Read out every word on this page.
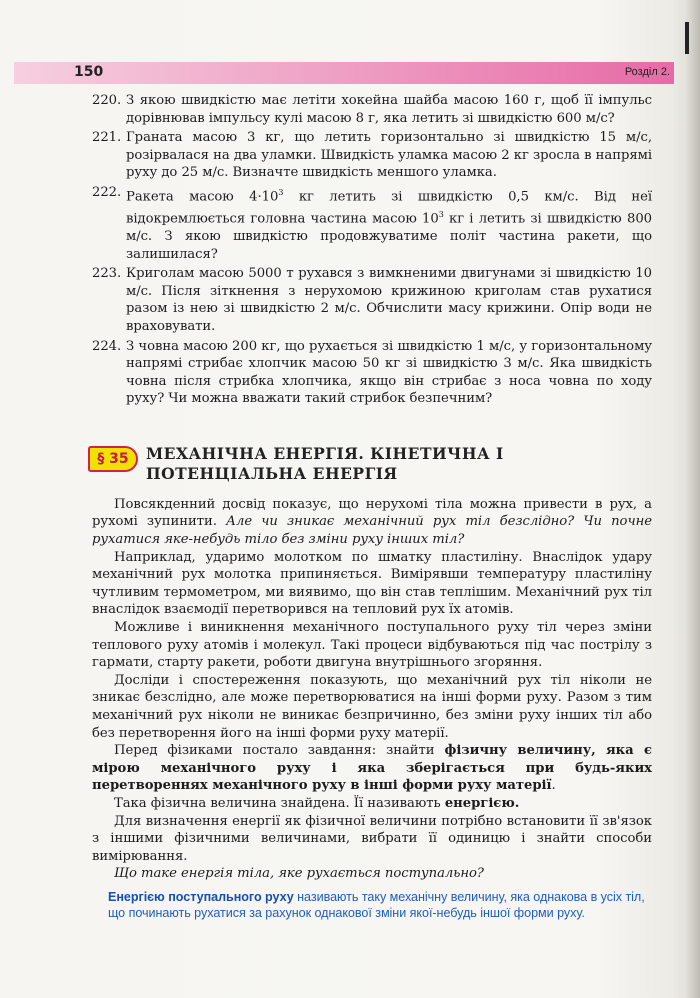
150	Розділ 2.
220. З якою швидкістю має летіти хокейна шайба масою 160 г, щоб її імпульс дорівнював імпульсу кулі масою 8 г, яка летить зі швидкістю 600 м/с?
221. Граната масою 3 кг, що летить горизонтально зі швидкістю 15 м/с, розірвалася на два уламки. Швидкість уламка масою 2 кг зросла в напрямі руху до 25 м/с. Визначте швидкість меншого уламка.
222. Ракета масою $4\cdot 10^3$ кг летить зі швидкістю 0,5 км/с. Від неї відокремлюється головна частина масою $10^3$ кг і летить зі швидкістю 800 м/с. З якою швидкістю продовжуватиме політ частина ракети, що залишилася?
223. Криголам масою 5000 т рухався з вимкненими двигунами зі швидкістю 10 м/с. Після зіткнення з нерухомою крижиною криголам став рухатися разом із нею зі швидкістю 2 м/с. Обчислити масу крижини. Опір води не враховувати.
224. З човна масою 200 кг, що рухається зі швидкістю 1 м/с, у горизонтальному напрямі стрибає хлопчик масою 50 кг зі швидкістю 3 м/с. Яка швидкість човна після стрибка хлопчика, якщо він стрибає з носа човна по ходу руху? Чи можна вважати такий стрибок безпечним?
§ 35	МЕХАНІЧНА ЕНЕРГІЯ. КІНЕТИЧНА І
ПОТЕНЦІАЛЬНА ЕНЕРГІЯ

Повсякденний досвід показує, що нерухомі тіла можна привести в рух, а рухомі зупинити. Але чи зникає механічний рух тіл безслідно? Чи почне рухатися яке-небудь тіло без зміни руху інших тіл?

Наприклад, ударимо молотком по шматку пластиліну. Внаслідок удару механічний рух молотка припиняється. Вимірявши температуру пластиліну чутливим термометром, ми виявимо, що він став теплішим. Механічний рух тіл внаслідок взаємодії перетворився на тепловий рух їх атомів.

Можливе і виникнення механічного поступального руху тіл через зміни теплового руху атомів і молекул. Такі процеси відбуваються під час пострілу з гармати, старту ракети, роботи двигуна внутрішнього згоряння.

Досліди і спостереження показують, що механічний рух тіл ніколи не зникає безслідно, але може перетворюватися на інші форми руху. Разом з тим механічний рух ніколи не виникає безпричинно, без зміни руху інших тіл або без перетворення його на інші форми руху матерії.

Перед фізиками постало завдання: знайти фізичну величину, яка є мірою механічного руху і яка зберігається при будь-яких перетвореннях механічного руху в інші форми руху матерії.

Така фізична величина знайдена. Її називають енергією.

Для визначення енергії як фізичної величини потрібно встановити її зв'язок з іншими фізичними величинами, вибрати її одиницю і знайти способи вимірювання.

Що таке енергія тіла, яке рухається поступально?

Енергією поступального руху називають таку механічну величину, яка однакова в усіх тіл, що починають рухатися за рахунок однакової зміни якої-небудь іншої форми руху.
